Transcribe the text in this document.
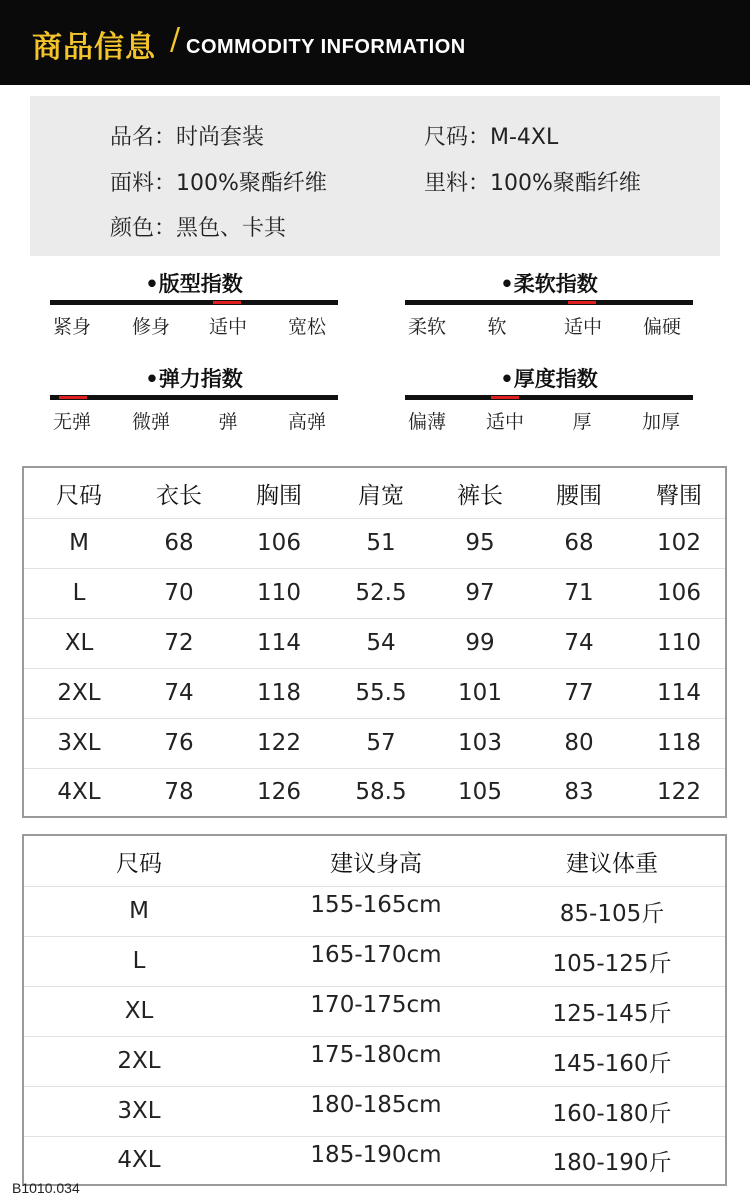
商品信息 / COMMODITY INFORMATION
品名：时尚套装	尺码：M-4XL
面料：100%聚酯纤维	里料：100%聚酯纤维
颜色：黑色、卡其
•版型指数
紧身 修身 适中 宽松
•柔软指数
柔软 软	适中 偏硬
•弹力指数
无弹 微弹	弹	高弹
•厚度指数
偏薄 适中	厚	加厚
尺码	衣长	胸围	肩宽	裤长	腰围	臀围
M	68	106	51	95	68	102
L	70	110	52.5	97	71	106
XL	72	114	54	99	74	110
2XL	74	118	55.5	101	77	114
3XL	76	122	57	103	80	118
4XL	78	126	58.5	105	83	122
尺码	建议身高	建议体重
M	155-165cm	85-105斤
L	165-170cm	105-125斤
XL	170-175cm	125-145斤
2XL	175-180cm	145-160斤
3XL	180-185cm	160-180斤
4XL	185-190cm	180-190斤
B1010.034
